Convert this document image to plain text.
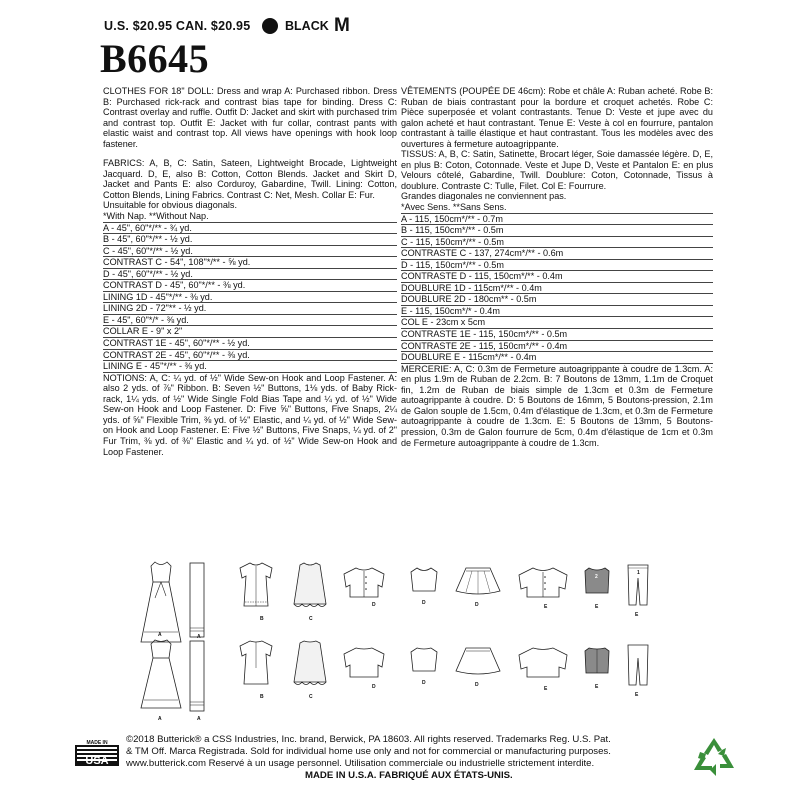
U.S. $20.95 CAN. $20.95	BLACK M
B6645

CLOTHES FOR 18" DOLL: Dress and wrap A: Purchased ribbon. Dress B: Purchased rick-rack and contrast bias tape for binding. Dress C: Contrast overlay and ruffle. Outfit D: Jacket and skirt with purchased trim and contrast top. Outfit E: Jacket with fur collar, contrast pants with elastic waist and contrast top. All views have openings with hook loop fastener.

FABRICS: A, B, C: Satin, Sateen, Lightweight Brocade, Lightweight Jacquard. D, E, also B: Cotton, Cotton Blends. Jacket and Skirt D, Jacket and Pants E: also Corduroy, Gabardine, Twill. Lining: Cotton, Cotton Blends, Lining Fabrics. Contrast C: Net, Mesh. Collar E: Fur.

Unsuitable for obvious diagonals.

*With Nap. **Without Nap.

A - 45", 60"*/** - ¾ yd.
B - 45", 60"*/** - ½ yd.
C - 45", 60"*/** - ½ yd.
CONTRAST C - 54", 108"*/** - ⅝ yd.
D - 45", 60"*/** - ½ yd.
CONTRAST D - 45", 60"*/** - ⅜ yd.
LINING 1D - 45"*/** - ⅜ yd.
LINING 2D - 72"** - ½ yd.
E - 45", 60"*/* - ⅜ yd.
COLLAR E - 9" x 2"
CONTRAST 1E - 45", 60"*/** - ½ yd.
CONTRAST 2E - 45", 60"*/** - ⅜ yd.
LINING E - 45"*/** - ⅜ yd.

NOTIONS: A, C: ¼ yd. of ½" Wide Sew-on Hook and Loop Fastener. A: also 2 yds. of ⅞" Ribbon. B: Seven ½" Buttons, 1⅛ yds. of Baby Rick-rack, 1¼ yds. of ½" Wide Single Fold Bias Tape and ¼ yd. of ½" Wide Sew-on Hook and Loop Fastener. D: Five ⅝" Buttons, Five Snaps, 2¼ yds. of ⅝" Flexible Trim, ⅜ yd. of ½" Elastic, and ¼ yd. of ½" Wide Sew-on Hook and Loop Fastener. E: Five ½" Buttons, Five Snaps, ¼ yd. of 2" Fur Trim, ⅜ yd. of ⅜" Elastic and ¼ yd. of ½" Wide Sew-on Hook and Loop Fastener.

VÊTEMENTS (POUPÉE DE 46cm): Robe et châle A: Ruban acheté. Robe B: Ruban de biais contrastant pour la bordure et croquet achetés. Robe C: Pièce superposée et volant contrastants. Tenue D: Veste et jupe avec du galon acheté et haut contrastant. Tenue E: Veste à col en fourrure, pantalon contrastant à taille élastique et haut contrastant. Tous les modèles avec des ouvertures à fermeture autoagrippante.

TISSUS: A, B, C: Satin, Satinette, Brocart léger, Soie damassée légère. D, E, en plus B: Coton, Cotonnade. Veste et Jupe D, Veste et Pantalon E: en plus Velours côtelé, Gabardine, Twill. Doublure: Coton, Cotonnade, Tissus à doublure. Contraste C: Tulle, Filet. Col E: Fourrure.

Grandes diagonales ne conviennent pas.

*Avec Sens. **Sans Sens.

A - 115, 150cm*/** - 0.7m
B - 115, 150cm*/** - 0.5m
C - 115, 150cm*/** - 0.5m
CONTRASTE C - 137, 274cm*/** - 0.6m
D - 115, 150cm*/** - 0.5m
CONTRASTE D - 115, 150cm*/** - 0.4m
DOUBLURE 1D - 115cm*/** - 0.4m
DOUBLURE 2D - 180cm** - 0.5m
E - 115, 150cm*/* - 0.4m
COL E - 23cm x 5cm
CONTRASTE 1E - 115, 150cm*/** - 0.5m
CONTRASTE 2E - 115, 150cm*/** - 0.4m
DOUBLURE E - 115cm*/** - 0.4m

MERCERIE: A, C: 0.3m de Fermeture autoagrippante à coudre de 1.3cm. A: en plus 1.9m de Ruban de 2.2cm. B: 7 Boutons de 13mm, 1.1m de Croquet fin, 1.2m de Ruban de biais simple de 1.3cm et 0.3m de Fermeture autoagrippante à coudre. D: 5 Boutons de 16mm, 5 Boutons-pression, 2.1m de Galon souple de 1.5cm, 0.4m d'élastique de 1.3cm, et 0.3m de Fermeture autoagrippante à coudre de 1.3cm. E: 5 Boutons de 13mm, 5 Boutons-pression, 0.3m de Galon fourrure de 5cm, 0.4m d'élastique de 1cm et 0.3m de Fermeture autoagrippante à coudre de 1.3cm.

A	A
B	C
D	D	D	E	E
E
2
1
A	A
B	C
D
D	D
E	E
E
MADE IN
USA

©2018 Butterick® a CSS Industries, Inc. brand, Berwick, PA 18603. All rights reserved. Trademarks Reg. U.S. Pat.

& TM Off. Marca Registrada. Sold for individual home use only and not for commercial or manufacturing purposes.

www.butterick.com Reservé à un usage personnel. Utilisation commerciale ou industrielle strictement interdite.

MADE IN U.S.A. FABRIQUÉ AUX ÉTATS-UNIS.
